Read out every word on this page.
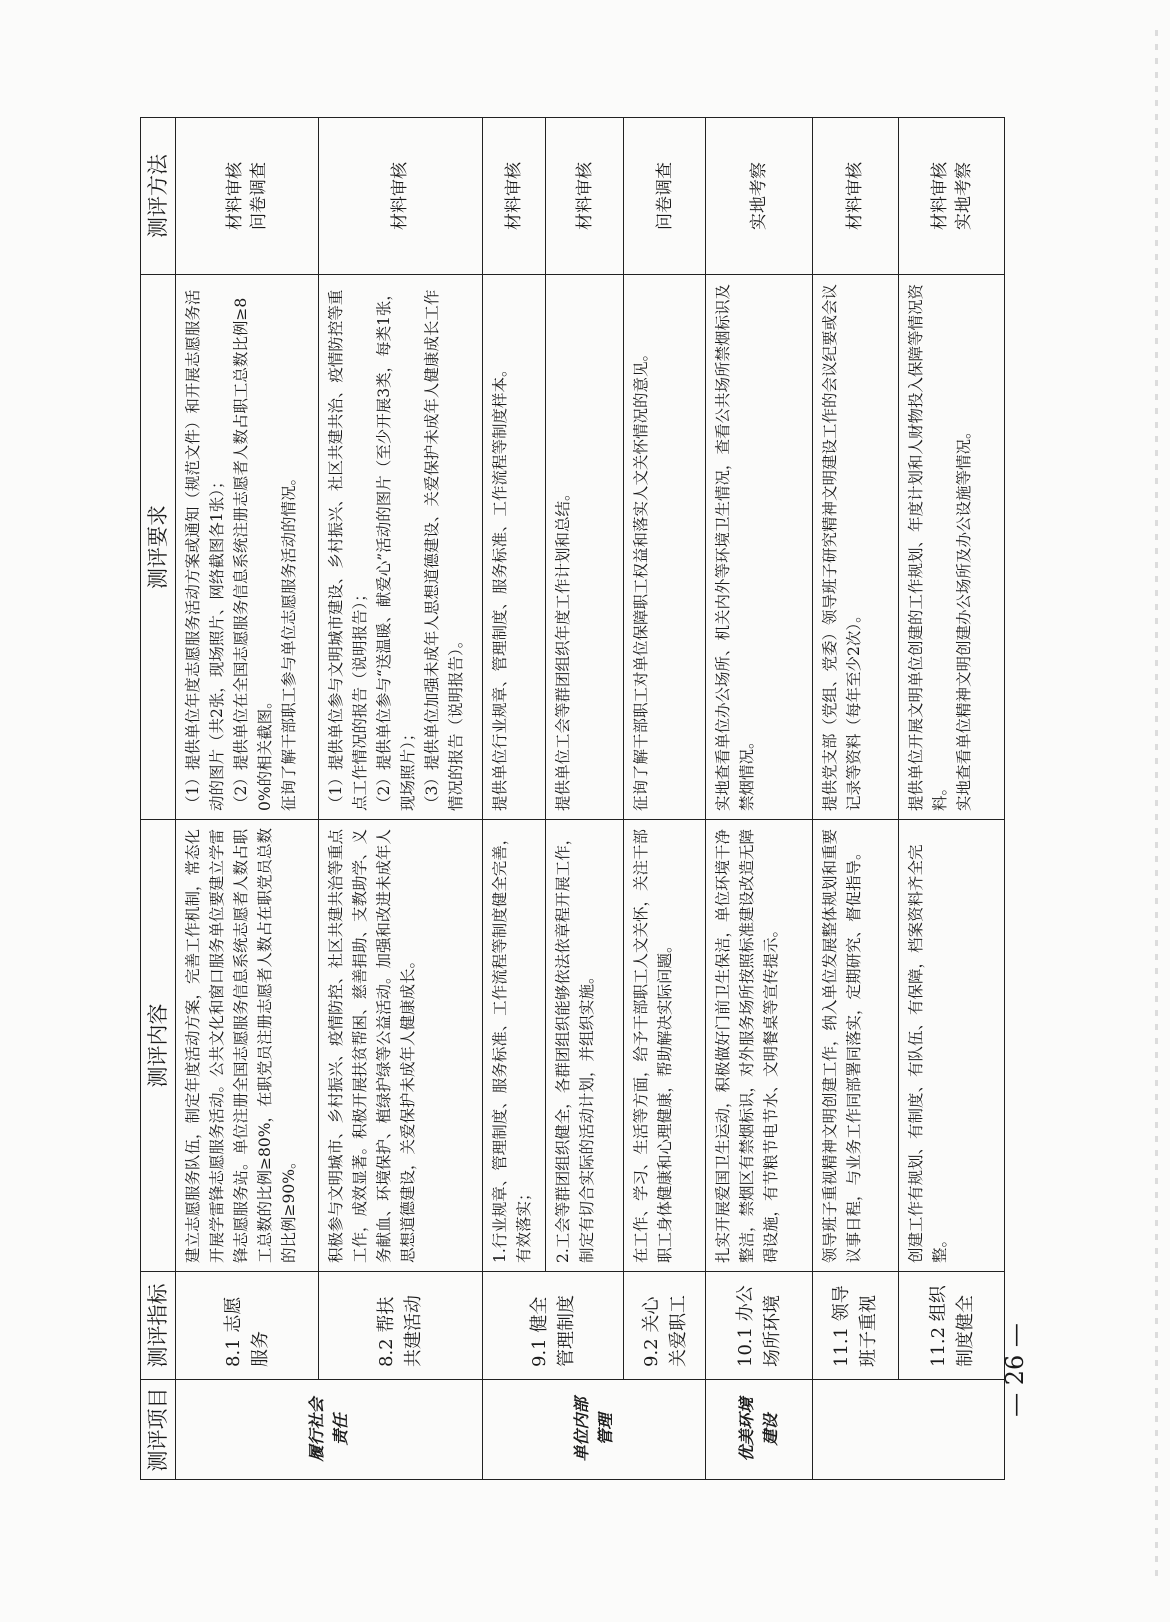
测评项目	测评指标	测评内容	测评要求	测评方法
履行社会责任	8.1 志愿服务	建立志愿服务队伍，制定年度活动方案，完善工作机制，常态化开展学雷锋志愿服务活动。公共文化和窗口服务单位要建立学雷锋志愿服务站。单位注册全国志愿服务信息系统志愿者人数占职工总数的比例≥80%，在职党员注册志愿者人数占在职党员总数的比例≥90%。	（1）提供单位年度志愿服务活动方案或通知（规范文件）和开展志愿服务活动的图片（共2张，现场照片、网络截图各1张）； （2）提供单位在全国志愿服务信息系统注册志愿者人数占职工总数比例≥80%的相关截图。 征询了解干部职工参与单位志愿服务活动的情况。	材料审核 问卷调查

	8.2 帮扶共建活动	积极参与文明城市、乡村振兴、疫情防控、社区共建共治等重点工作，成效显著。积极开展扶贫帮困、慈善捐助、支教助学、义务献血、环境保护、植绿护绿等公益活动。加强和改进未成年人思想道德建设，关爱保护未成年人健康成长。	（1）提供单位参与文明城市建设、乡村振兴、社区共建共治、疫情防控等重点工作情况的报告（说明报告）； （2）提供单位参与“送温暖、献爱心”活动的图片（至少开展3类，每类1张，现场照片）； （3）提供单位加强未成年人思想道德建设、关爱保护未成年人健康成长工作情况的报告（说明报告）。	材料审核

单位内部管理	9.1 健全管理制度	1.行业规章、管理制度、服务标准、工作流程等制度健全完善，有效落实；	提供单位行业规章、管理制度、服务标准、工作流程等制度样本。	材料审核

		2.工会等群团组织健全，各群团组织能够依法依章程开展工作，制定有切合实际的活动计划，并组织实施。	提供单位工会等群团组织年度工作计划和总结。	材料审核

	9.2 关心关爱职工	在工作、学习、生活等方面，给予干部职工人文关怀，关注干部职工身体健康和心理健康，帮助解决实际问题。	征询了解干部职工对单位保障职工权益和落实人文关怀情况的意见。	问卷调查

优美环境建设	10.1 办公场所环境	扎实开展爱国卫生运动，积极做好门前卫生保洁，单位环境干净整洁，禁烟区有禁烟标识，对外服务场所按照标准建设改造无障碍设施，有节粮节电节水、文明餐桌等宣传提示。	实地查看单位办公场所、机关内外等环境卫生情况，查看公共场所禁烟标识及禁烟情况。	实地考察

	11.1 领导班子重视	领导班子重视精神文明创建工作，纳入单位发展整体规划和重要议事日程，与业务工作同部署同落实，定期研究、督促指导。	提供党支部（党组、党委）领导班子研究精神文明建设工作的会议纪要或会议记录等资料（每年至少2次）。	材料审核

	11.2 组织制度健全	创建工作有规划、有制度、有队伍、有保障，档案资料齐全完整。	提供单位开展文明单位创建的工作规划、年度计划和人财物投入保障等情况资料。 实地查看单位精神文明创建办公场所及办公设施等情况。	材料审核 实地考察
— 26 —
